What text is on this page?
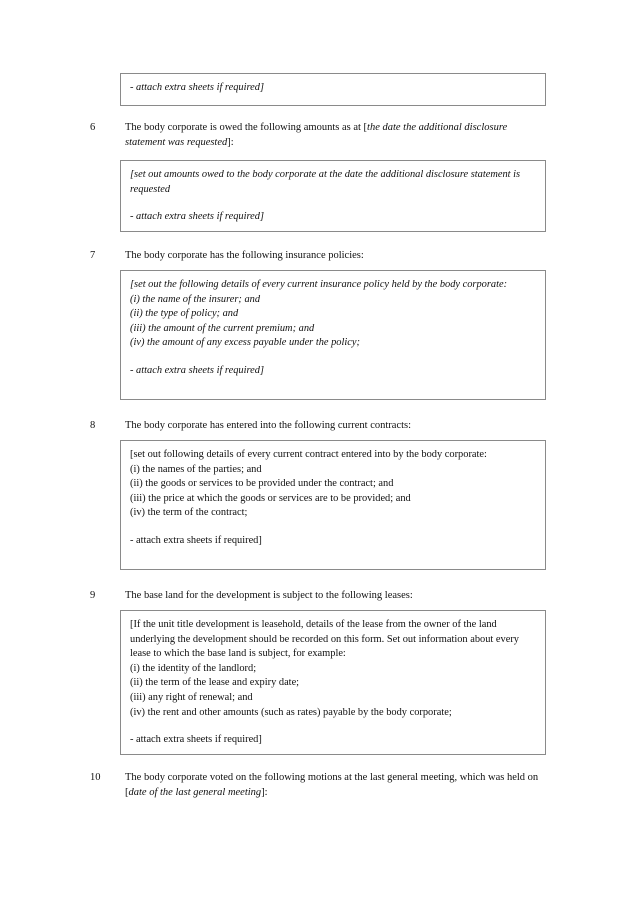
- attach extra sheets if required]
6	The body corporate is owed the following amounts as at [the date the additional disclosure statement was requested]:
[set out amounts owed to the body corporate at the date the additional disclosure statement is requested
- attach extra sheets if required]
7	The body corporate has the following insurance policies:
[set out the following details of every current insurance policy held by the body corporate:
(i) the name of the insurer; and
(ii) the type of policy; and
(iii) the amount of the current premium; and
(iv) the amount of any excess payable under the policy;
- attach extra sheets if required]
8	The body corporate has entered into the following current contracts:
[set out following details of every current contract entered into by the body corporate:
(i) the names of the parties; and
(ii) the goods or services to be provided under the contract; and
(iii) the price at which the goods or services are to be provided; and
(iv) the term of the contract;
- attach extra sheets if required]
9	The base land for the development is subject to the following leases:
[If the unit title development is leasehold, details of the lease from the owner of the land underlying the development should be recorded on this form. Set out information about every lease to which the base land is subject, for example:
(i) the identity of the landlord;
(ii) the term of the lease and expiry date;
(iii) any right of renewal; and
(iv) the rent and other amounts (such as rates) payable by the body corporate;
- attach extra sheets if required]
10	The body corporate voted on the following motions at the last general meeting, which was held on [date of the last general meeting]:
